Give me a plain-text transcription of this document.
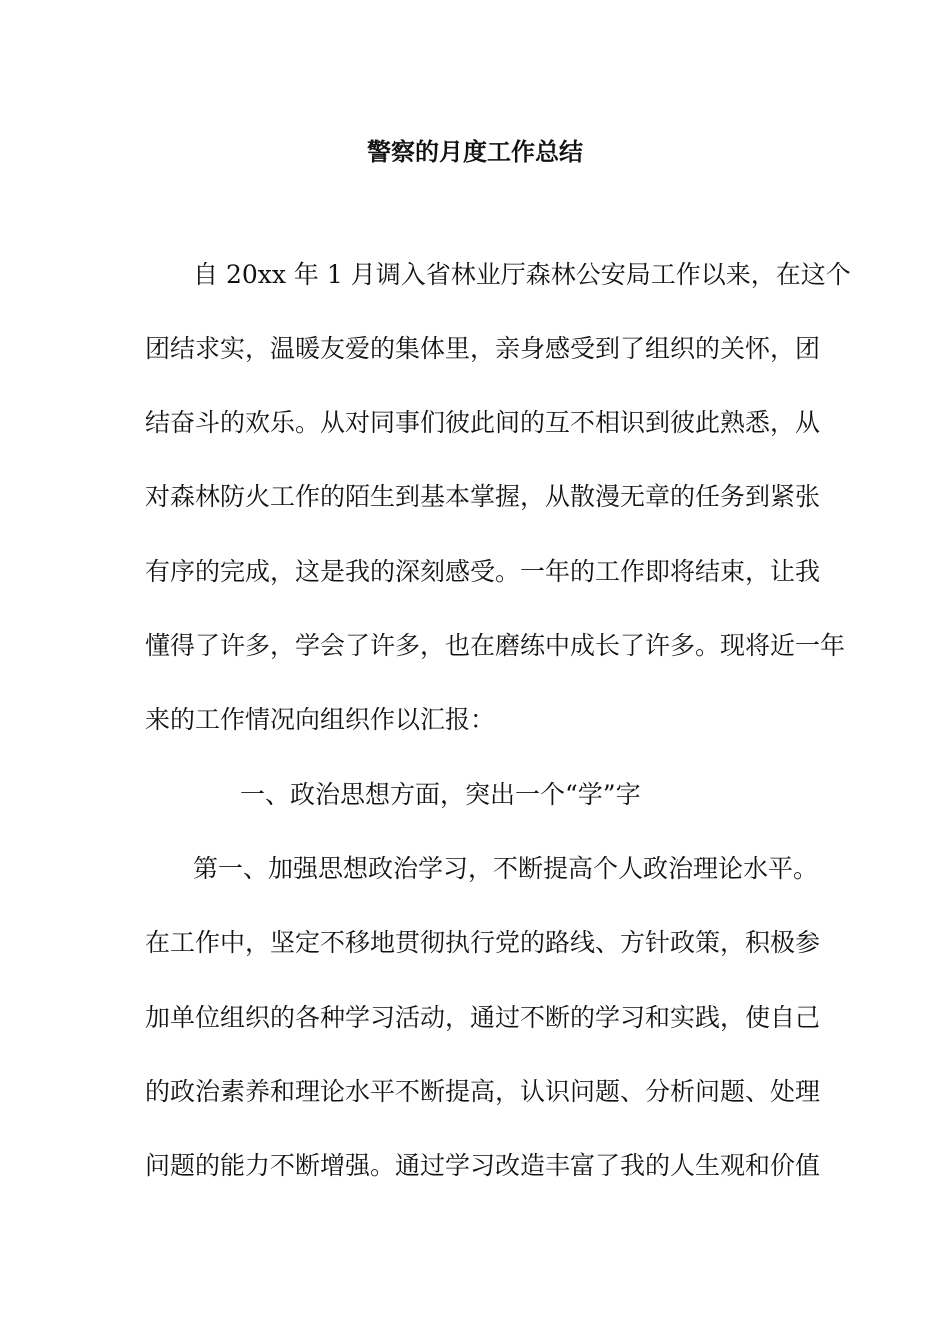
警察的月度工作总结
自 20xx 年 1 月调入省林业厅森林公安局工作以来，在这个
团结求实，温暖友爱的集体里，亲身感受到了组织的关怀，团
结奋斗的欢乐。从对同事们彼此间的互不相识到彼此熟悉，从
对森林防火工作的陌生到基本掌握，从散漫无章的任务到紧张
有序的完成，这是我的深刻感受。一年的工作即将结束，让我
懂得了许多，学会了许多，也在磨练中成长了许多。现将近一年
来的工作情况向组织作以汇报：
一、政治思想方面，突出一个“学”字
第一、加强思想政治学习，不断提高个人政治理论水平。
在工作中，坚定不移地贯彻执行党的路线、方针政策，积极参
加单位组织的各种学习活动，通过不断的学习和实践，使自己
的政治素养和理论水平不断提高，认识问题、分析问题、处理
问题的能力不断增强。通过学习改造丰富了我的人生观和价值
